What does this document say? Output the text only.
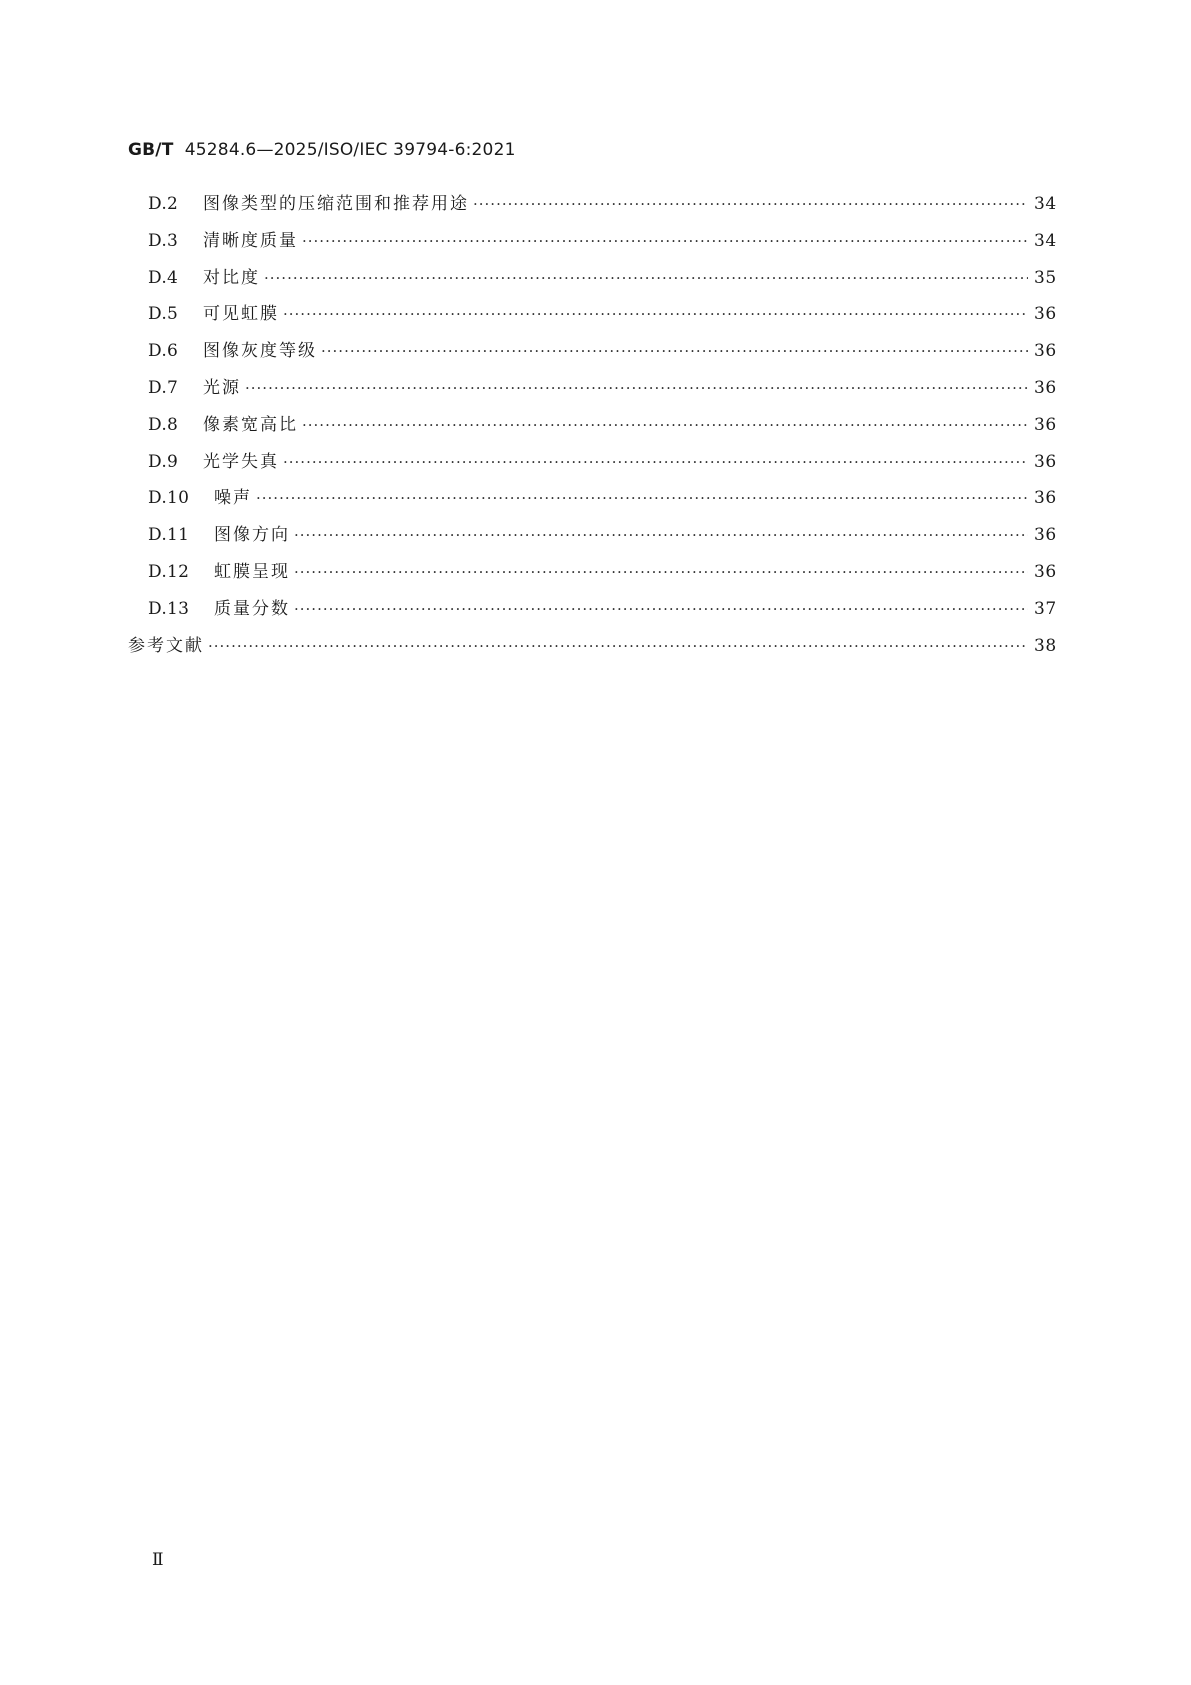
GB/T 45284.6—2025/ISO/IEC 39794-6:2021
D.2	图像类型的压缩范围和推荐用途 ·····	34
D.3	清晰度质量 ·····	34
D.4	对比度 ·····	35
D.5	可见虹膜 ·····	36
D.6	图像灰度等级 ·····	36
D.7	光源 ·····	36
D.8	像素宽高比 ·····	36
D.9	光学失真 ·····	36
D.10	噪声 ·····	36
D.11	图像方向 ·····	36
D.12	虹膜呈现 ·····	36
D.13	质量分数 ·····	37
参考文献 ·····	38
Ⅱ
